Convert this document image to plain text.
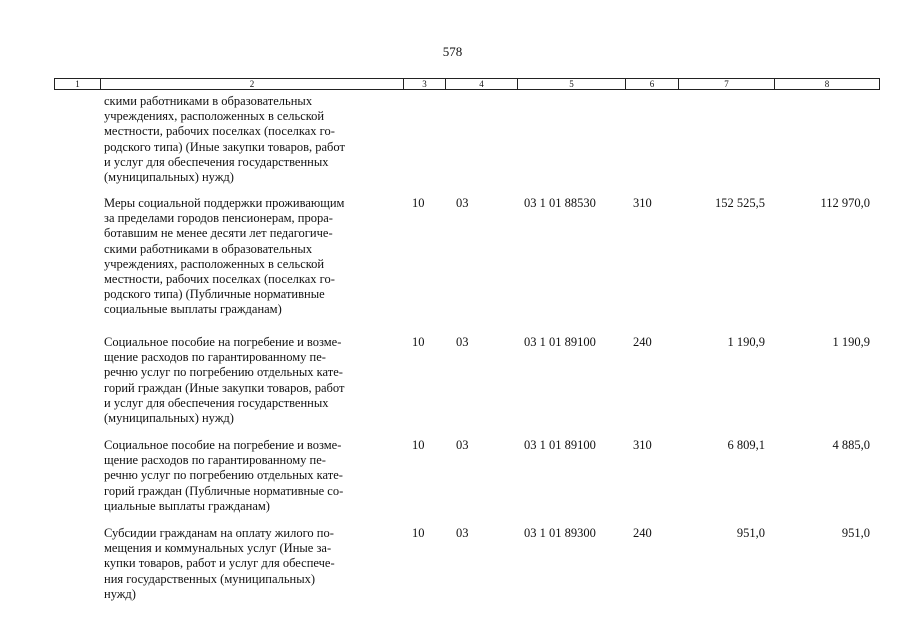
578
1	2	3	4	5	6	7	8
скими работниками в образовательных
учреждениях, расположенных в сельской
местности, рабочих поселках (поселках го-
родского типа) (Иные закупки товаров, работ
и услуг для обеспечения государственных
(муниципальных) нужд)
Меры социальной поддержки проживающим
за пределами городов пенсионерам, прора-
ботавшим не менее десяти лет педагогиче-
скими работниками в образовательных
учреждениях, расположенных в сельской
местности, рабочих поселках (поселках го-
родского типа) (Публичные нормативные
социальные выплаты гражданам)
10	03	03 1 01 88530	310	152 525,5	112 970,0
Социальное пособие на погребение и возме-
щение расходов по гарантированному пе-
речню услуг по погребению отдельных кате-
горий граждан (Иные закупки товаров, работ
и услуг для обеспечения государственных
(муниципальных) нужд)
10	03	03 1 01 89100	240	1 190,9	1 190,9
Социальное пособие на погребение и возме-
щение расходов по гарантированному пе-
речню услуг по погребению отдельных кате-
горий граждан (Публичные нормативные со-
циальные выплаты гражданам)
10	03	03 1 01 89100	310	6 809,1	4 885,0
Субсидии гражданам на оплату жилого по-
мещения и коммунальных услуг (Иные за-
купки товаров, работ и услуг для обеспече-
ния государственных (муниципальных)
нужд)
10	03	03 1 01 89300	240	951,0	951,0
